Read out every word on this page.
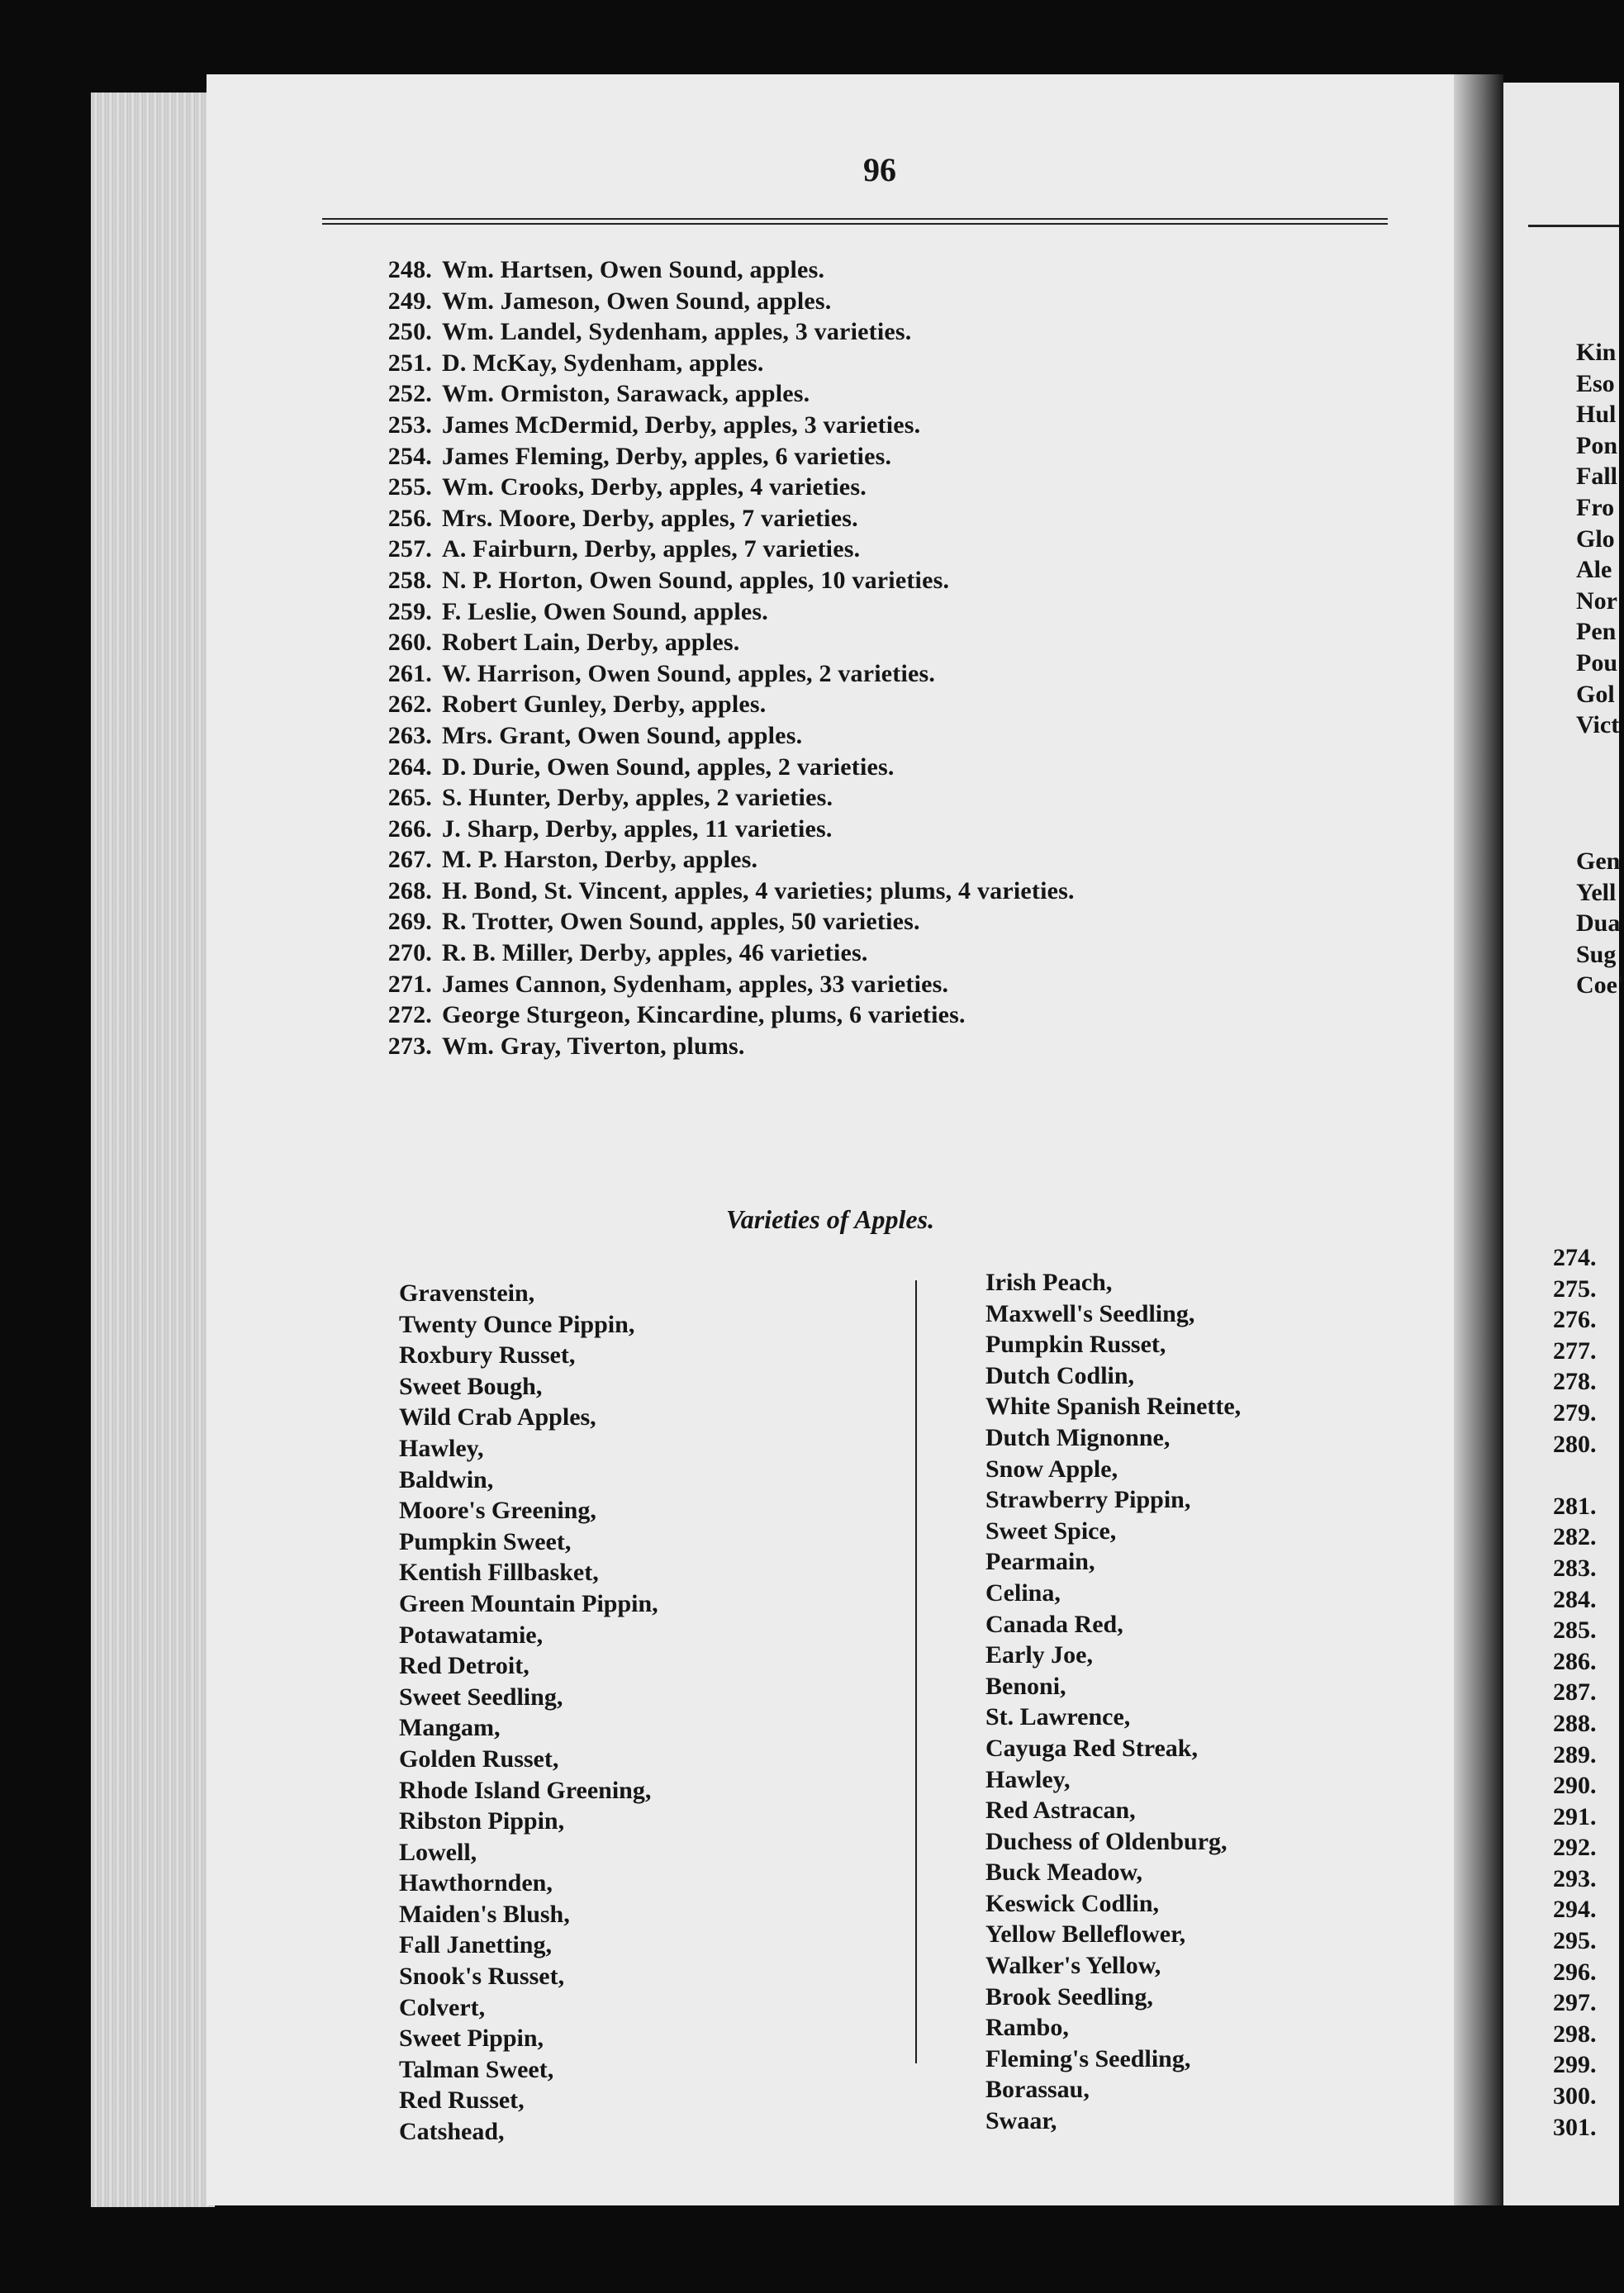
96
248. Wm. Hartsen, Owen Sound, apples.
249. Wm. Jameson, Owen Sound, apples.
250. Wm. Landel, Sydenham, apples, 3 varieties.
251. D. McKay, Sydenham, apples.
252. Wm. Ormiston, Sarawack, apples.
253. James McDermid, Derby, apples, 3 varieties.
254. James Fleming, Derby, apples, 6 varieties.
255. Wm. Crooks, Derby, apples, 4 varieties.
256. Mrs. Moore, Derby, apples, 7 varieties.
257. A. Fairburn, Derby, apples, 7 varieties.
258. N. P. Horton, Owen Sound, apples, 10 varieties.
259. F. Leslie, Owen Sound, apples.
260. Robert Lain, Derby, apples.
261. W. Harrison, Owen Sound, apples, 2 varieties.
262. Robert Gunley, Derby, apples.
263. Mrs. Grant, Owen Sound, apples.
264. D. Durie, Owen Sound, apples, 2 varieties.
265. S. Hunter, Derby, apples, 2 varieties.
266. J. Sharp, Derby, apples, 11 varieties.
267. M. P. Harston, Derby, apples.
268. H. Bond, St. Vincent, apples, 4 varieties; plums, 4 varieties.
269. R. Trotter, Owen Sound, apples, 50 varieties.
270. R. B. Miller, Derby, apples, 46 varieties.
271. James Cannon, Sydenham, apples, 33 varieties.
272. George Sturgeon, Kincardine, plums, 6 varieties.
273. Wm. Gray, Tiverton, plums.
Varieties of Apples.
Gravenstein,
Twenty Ounce Pippin,
Roxbury Russet,
Sweet Bough,
Wild Crab Apples,
Hawley,
Baldwin,
Moore's Greening,
Pumpkin Sweet,
Kentish Fillbasket,
Green Mountain Pippin,
Potawatamie,
Red Detroit,
Sweet Seedling,
Mangam,
Golden Russet,
Rhode Island Greening,
Ribston Pippin,
Lowell,
Hawthornden,
Maiden's Blush,
Fall Janetting,
Snook's Russet,
Colvert,
Sweet Pippin,
Talman Sweet,
Red Russet,
Catshead,
Irish Peach,
Maxwell's Seedling,
Pumpkin Russet,
Dutch Codlin,
White Spanish Reinette,
Dutch Mignonne,
Snow Apple,
Strawberry Pippin,
Sweet Spice,
Pearmain,
Celina,
Canada Red,
Early Joe,
Benoni,
St. Lawrence,
Cayuga Red Streak,
Hawley,
Red Astracan,
Duchess of Oldenburg,
Buck Meadow,
Keswick Codlin,
Yellow Belleflower,
Walker's Yellow,
Brook Seedling,
Rambo,
Fleming's Seedling,
Borassau,
Swaar,
Kin
Eso
Hul
Pon
Fall
Fro
Glo
Ale
Nor
Pen
Pou
Gol
Vict
Gen
Yell
Dua
Sug
Coe'
274.
275.
276.
277.
278.
279.
280.
281.
282.
283.
284.
285.
286.
287.
288.
289.
290.
291.
292.
293.
294.
295.
296.
297.
298.
299.
300.
301.
